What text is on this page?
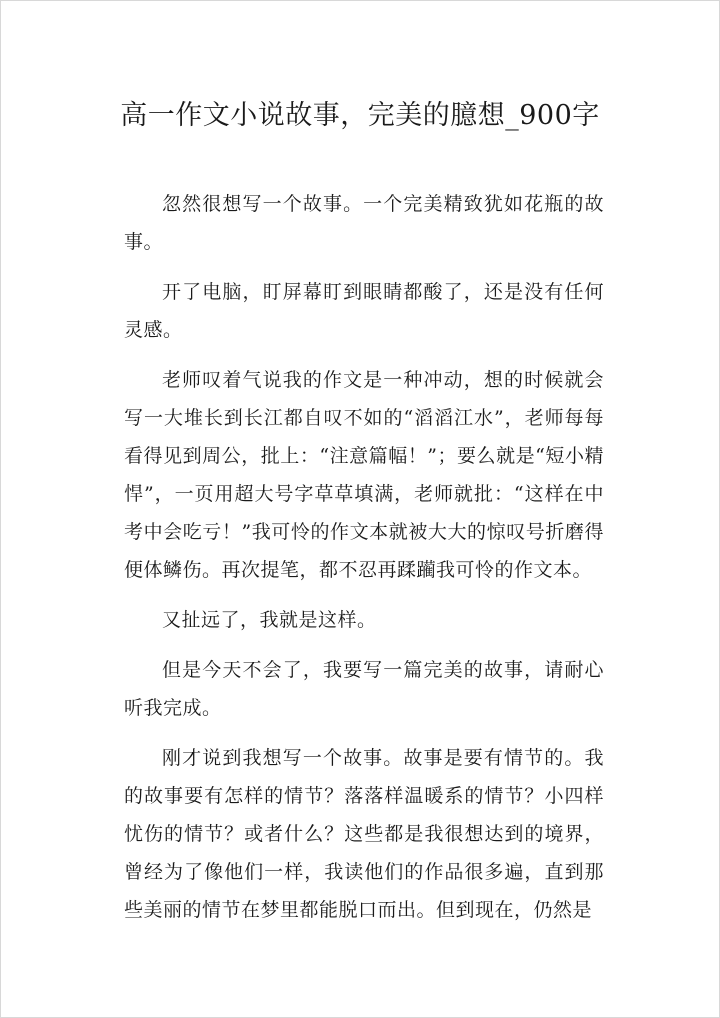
高一作文小说故事，完美的臆想_900字

忽然很想写一个故事。一个完美精致犹如花瓶的故事。

开了电脑，盯屏幕盯到眼睛都酸了，还是没有任何灵感。

老师叹着气说我的作文是一种冲动，想的时候就会写一大堆长到长江都自叹不如的“滔滔江水”，老师每每看得见到周公，批上：“注意篇幅！”；要么就是“短小精悍”，一页用超大号字草草填满，老师就批：“这样在中考中会吃亏！”我可怜的作文本就被大大的惊叹号折磨得便体鳞伤。再次提笔，都不忍再蹂躏我可怜的作文本。

又扯远了，我就是这样。

但是今天不会了，我要写一篇完美的故事，请耐心听我完成。

刚才说到我想写一个故事。故事是要有情节的。我的故事要有怎样的情节？落落样温暖系的情节？小四样忧伤的情节？或者什么？这些都是我很想达到的境界，曾经为了像他们一样，我读他们的作品很多遍，直到那些美丽的情节在梦里都能脱口而出。但到现在，仍然是
